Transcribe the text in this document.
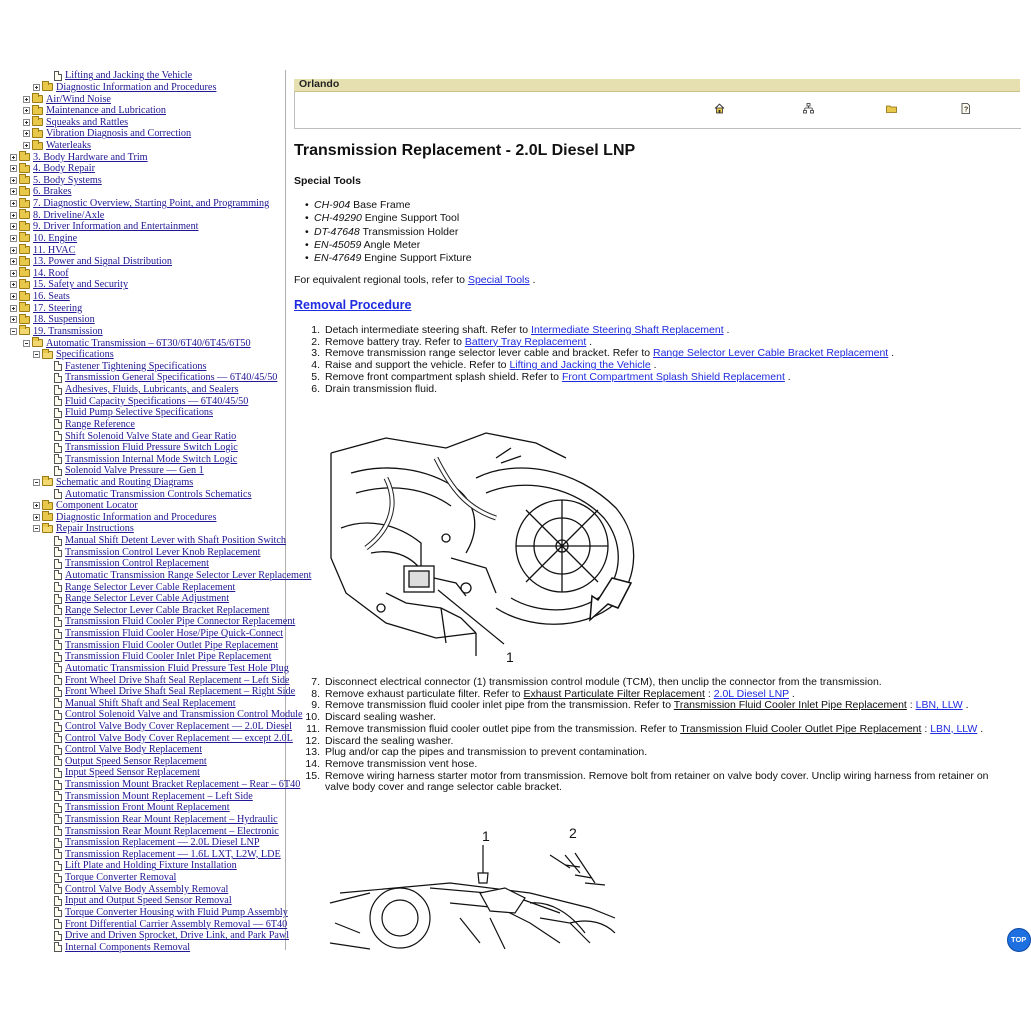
Lifting and Jacking the Vehicle
Diagnostic Information and Procedures
Air/Wind Noise
Maintenance and Lubrication
Squeaks and Rattles
Vibration Diagnosis and Correction
Waterleaks
3. Body Hardware and Trim
4. Body Repair
5. Body Systems
6. Brakes
7. Diagnostic Overview, Starting Point, and Programming
8. Driveline/Axle
9. Driver Information and Entertainment
10. Engine
11. HVAC
13. Power and Signal Distribution
14. Roof
15. Safety and Security
16. Seats
17. Steering
18. Suspension
19. Transmission
Automatic Transmission – 6T30/6T40/6T45/6T50
Specifications
Fastener Tightening Specifications
Transmission General Specifications — 6T40/45/50
Adhesives, Fluids, Lubricants, and Sealers
Fluid Capacity Specifications — 6T40/45/50
Fluid Pump Selective Specifications
Range Reference
Shift Solenoid Valve State and Gear Ratio
Transmission Fluid Pressure Switch Logic
Transmission Internal Mode Switch Logic
Solenoid Valve Pressure — Gen 1
Schematic and Routing Diagrams
Automatic Transmission Controls Schematics
Component Locator
Diagnostic Information and Procedures
Repair Instructions
Manual Shift Detent Lever with Shaft Position Switch
Transmission Control Lever Knob Replacement
Transmission Control Replacement
Automatic Transmission Range Selector Lever Replacement
Range Selector Lever Cable Replacement
Range Selector Lever Cable Adjustment
Range Selector Lever Cable Bracket Replacement
Transmission Fluid Cooler Pipe Connector Replacement
Transmission Fluid Cooler Hose/Pipe Quick-Connect
Transmission Fluid Cooler Outlet Pipe Replacement
Transmission Fluid Cooler Inlet Pipe Replacement
Automatic Transmission Fluid Pressure Test Hole Plug
Front Wheel Drive Shaft Seal Replacement – Left Side
Front Wheel Drive Shaft Seal Replacement – Right Side
Manual Shift Shaft and Seal Replacement
Control Solenoid Valve and Transmission Control Module
Control Valve Body Cover Replacement — 2.0L Diesel
Control Valve Body Cover Replacement — except 2.0L
Control Valve Body Replacement
Output Speed Sensor Replacement
Input Speed Sensor Replacement
Transmission Mount Bracket Replacement – Rear – 6T40
Transmission Mount Replacement – Left Side
Transmission Front Mount Replacement
Transmission Rear Mount Replacement – Hydraulic
Transmission Rear Mount Replacement – Electronic
Transmission Replacement — 2.0L Diesel LNP
Transmission Replacement — 1.6L LXT, L2W, LDE
Lift Plate and Holding Fixture Installation
Torque Converter Removal
Control Valve Body Assembly Removal
Input and Output Speed Sensor Removal
Torque Converter Housing with Fluid Pump Assembly
Front Differential Carrier Assembly Removal — 6T40
Drive and Driven Sprocket, Drive Link, and Park Pawl
Internal Components Removal
Orlando
?
Transmission Replacement - 2.0L Diesel LNP
Special Tools
• CH-904 Base Frame
• CH-49290 Engine Support Tool
• DT-47648 Transmission Holder
• EN-45059 Angle Meter
• EN-47649 Engine Support Fixture
For equivalent regional tools, refer to Special Tools .
Removal Procedure
1. Detach intermediate steering shaft. Refer to Intermediate Steering Shaft Replacement .
2. Remove battery tray. Refer to Battery Tray Replacement .
3. Remove transmission range selector lever cable and bracket. Refer to Range Selector Lever Cable Bracket Replacement .
4. Raise and support the vehicle. Refer to Lifting and Jacking the Vehicle .
5. Remove front compartment splash shield. Refer to Front Compartment Splash Shield Replacement .
6. Drain transmission fluid.
1
7. Disconnect electrical connector (1) transmission control module (TCM), then unclip the connector from the transmission.
8. Remove exhaust particulate filter. Refer to Exhaust Particulate Filter Replacement : 2.0L Diesel LNP .
9. Remove transmission fluid cooler inlet pipe from the transmission. Refer to Transmission Fluid Cooler Inlet Pipe Replacement : LBN, LLW .
10. Discard sealing washer.
11. Remove transmission fluid cooler outlet pipe from the transmission. Refer to Transmission Fluid Cooler Outlet Pipe Replacement : LBN, LLW .
12. Discard the sealing washer.
13. Plug and/or cap the pipes and transmission to prevent contamination.
14. Remove transmission vent hose.
15. Remove wiring harness starter motor from transmission. Remove bolt from retainer on valve body cover. Unclip wiring harness from retainer on valve body cover and range selector cable bracket.
1	2
TOP
